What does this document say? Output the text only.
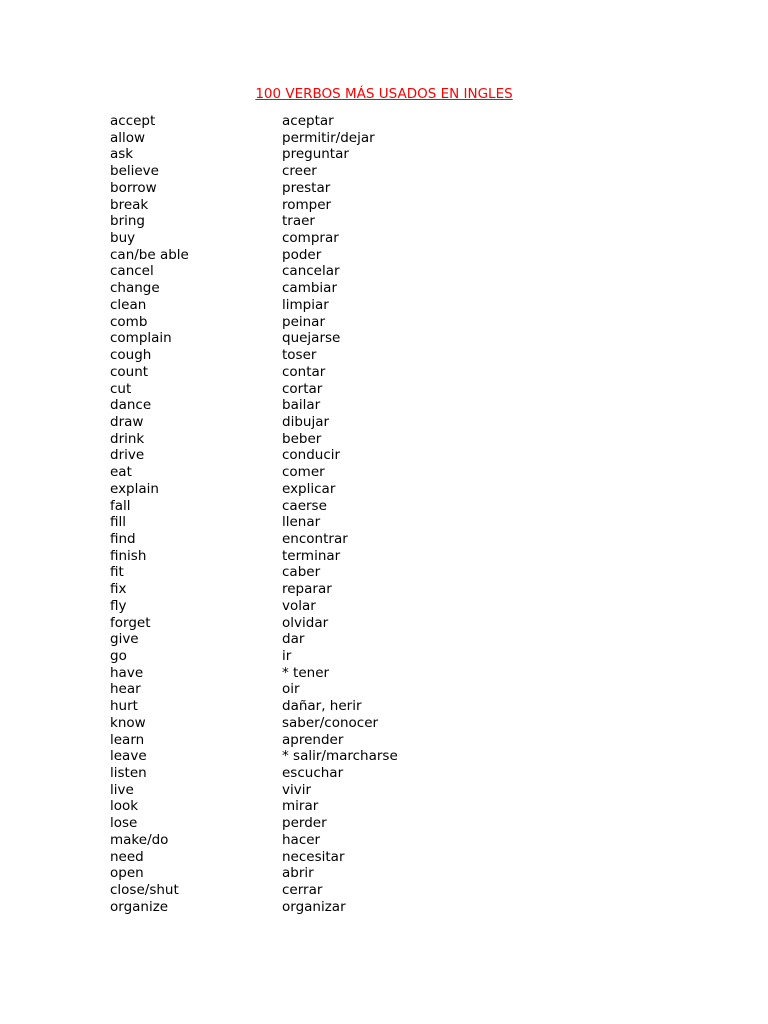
100 VERBOS MÁS USADOS EN INGLES
accept	aceptar
allow	permitir/dejar
ask	preguntar
believe	creer
borrow	prestar
break	romper
bring	traer
buy	comprar
can/be able	poder
cancel	cancelar
change	cambiar
clean	limpiar
comb	peinar
complain	quejarse
cough	toser
count	contar
cut	cortar
dance	bailar
draw	dibujar
drink	beber
drive	conducir
eat	comer
explain	explicar
fall	caerse
fill	llenar
find	encontrar
finish	terminar
fit	caber
fix	reparar
fly	volar
forget	olvidar
give	dar
go	ir
have	* tener
hear	oir
hurt	dañar, herir
know	saber/conocer
learn	aprender
leave	* salir/marcharse
listen	escuchar
live	vivir
look	mirar
lose	perder
make/do	hacer
need	necesitar
open	abrir
close/shut	cerrar
organize	organizar
